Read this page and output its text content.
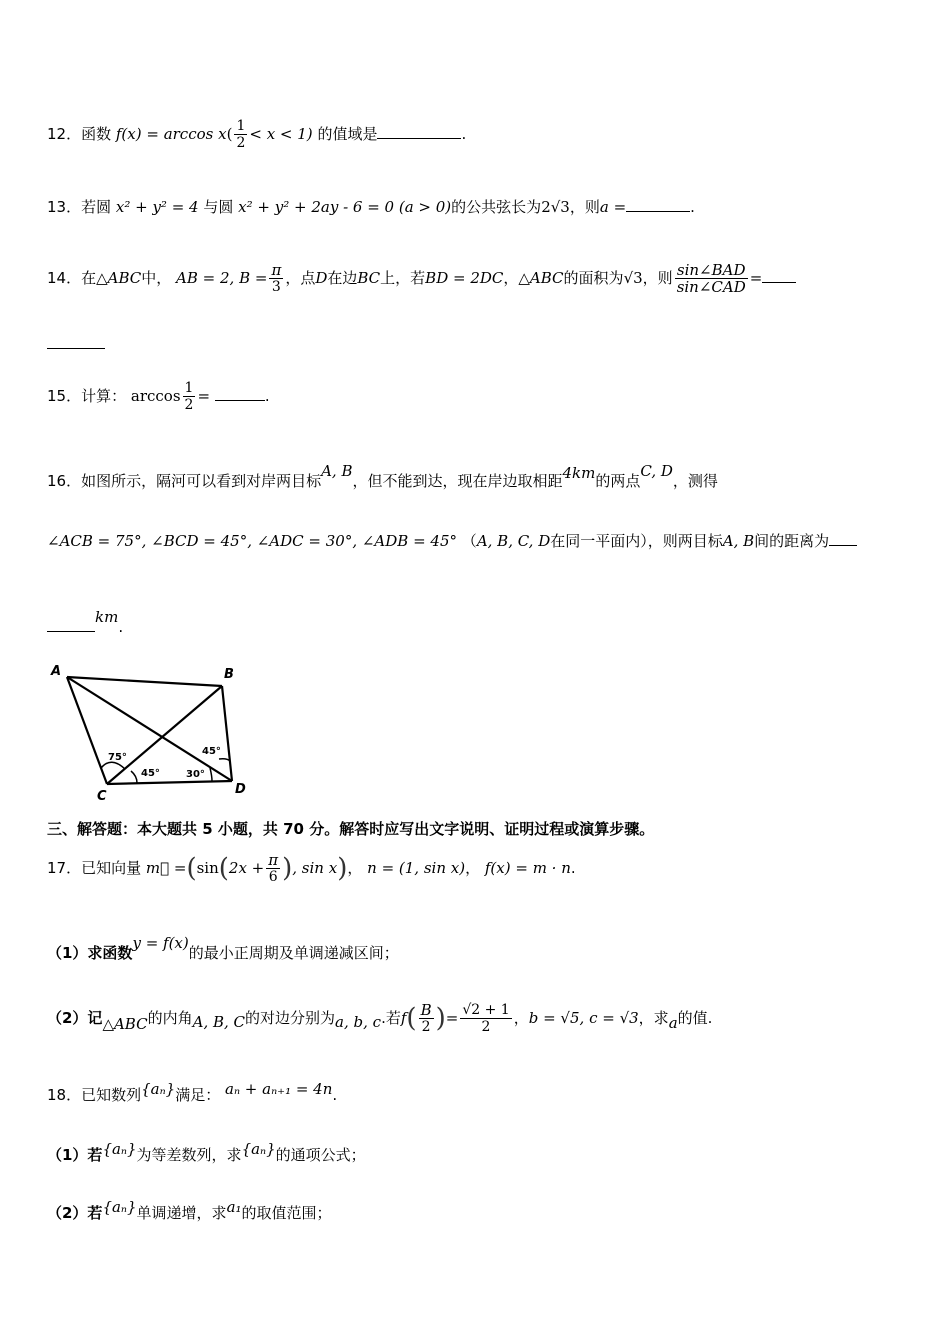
12．函数 $f(x) = \arccos x( \frac{1}{2} < x < 1)$ 的值域是	.
13．若圆 x² + y² = 4 与圆 x² + y² + 2ay - 6 = 0 (a > 0)的公共弦长为2√3，则a =	.
14．在△ABC中， AB = 2, $B = \frac{\pi}{3}$ ，点D在边BC上，若BD = 2DC，△ABC的面积为√3，则 $\frac{\text{sin∠BAD}}{\text{sin∠CAD}}$ =
15．计算： $\arccos \frac{1}{2}$ =	.
16．如图所示，隔河可以看到对岸两目标A, B，但不能到达，现在岸边取相距4km的两点C, D，测得
∠ACB = 75°, ∠BCD = 45°, ∠ADC = 30°, ∠ADB = 45° （A, B, C, D在同一平面内），则两目标A, B间的距离为
km.
A	B
C	D
75°
45°	30°
45°
三、解答题：本大题共 5 小题，共 70 分。解答时应写出文字说明、证明过程或演算步骤。
17．已知向量 m⃗ $=(\sin(2x + \frac{\pi}{6}$ ), sin x)， n = (1, sin x)， f(x) = m · n.
（1）求函数y = f(x)的最小正周期及单调递减区间；
（2）记△ABC的内角A, B, C的对边分别为a, b, c.若$f( \frac{B}{2}$ )= $\frac{√2 + 1}{2}$ ，b = √5, c = √3，求a的值.
18．已知数列{aₙ}满足： aₙ + aₙ₊₁ = 4n.
（1）若{aₙ}为等差数列，求{aₙ}的通项公式；
（2）若{aₙ}单调递增，求a₁的取值范围；
